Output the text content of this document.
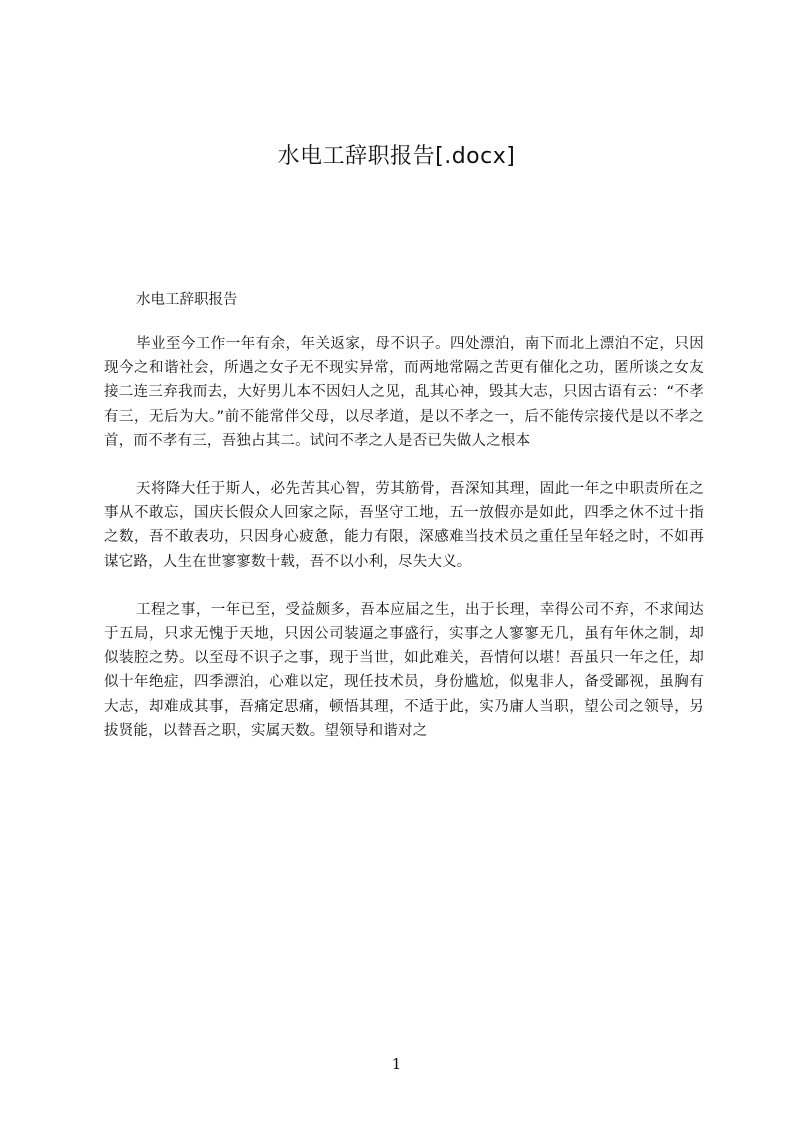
水电工辞职报告[.docx]

水电工辞职报告

毕业至今工作一年有余，年关返家，母不识子。四处漂泊，南下而北上漂泊不定，只因现今之和谐社会，所遇之女子无不现实异常，而两地常隔之苦更有催化之功，匿所谈之女友接二连三弃我而去，大好男儿本不因妇人之见，乱其心神，毁其大志，只因古语有云：“不孝有三，无后为大。”前不能常伴父母，以尽孝道，是以不孝之一，后不能传宗接代是以不孝之首，而不孝有三，吾独占其二。试问不孝之人是否已失做人之根本

天将降大任于斯人，必先苦其心智，劳其筋骨，吾深知其理，固此一年之中职责所在之事从不敢忘，国庆长假众人回家之际，吾坚守工地，五一放假亦是如此，四季之休不过十指之数，吾不敢表功，只因身心疲惫，能力有限，深感难当技术员之重任呈年轻之时，不如再谋它路，人生在世寥寥数十载，吾不以小利，尽失大义。

工程之事，一年已至，受益颇多，吾本应届之生，出于长理，幸得公司不弃，不求闻达于五局，只求无愧于天地，只因公司装逼之事盛行，实事之人寥寥无几，虽有年休之制，却似装腔之势。以至母不识子之事，现于当世，如此难关，吾情何以堪！吾虽只一年之任，却似十年绝症，四季漂泊，心难以定，现任技术员，身份尴尬，似鬼非人，备受鄙视，虽胸有大志，却难成其事，吾痛定思痛，顿悟其理，不适于此，实乃庸人当职，望公司之领导，另拔贤能，以替吾之职，实属天数。望领导和谐对之

1
